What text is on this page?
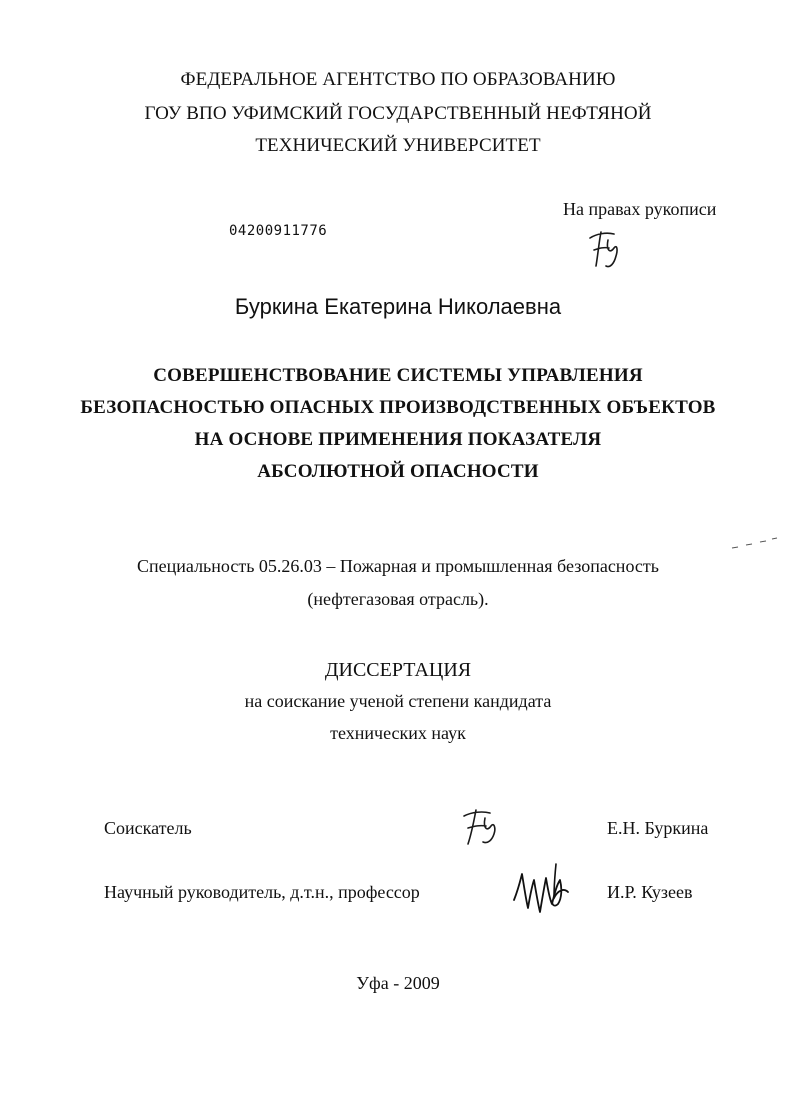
ФЕДЕРАЛЬНОЕ АГЕНТСТВО ПО ОБРАЗОВАНИЮ
ГОУ ВПО УФИМСКИЙ ГОСУДАРСТВЕННЫЙ НЕФТЯНОЙ
ТЕХНИЧЕСКИЙ УНИВЕРСИТЕТ
На правах рукописи
04200911776
Буркина Екатерина Николаевна
СОВЕРШЕНСТВОВАНИЕ СИСТЕМЫ УПРАВЛЕНИЯ
БЕЗОПАСНОСТЬЮ ОПАСНЫХ ПРОИЗВОДСТВЕННЫХ ОБЪЕКТОВ
НА ОСНОВЕ ПРИМЕНЕНИЯ ПОКАЗАТЕЛЯ
АБСОЛЮТНОЙ ОПАСНОСТИ
Специальность 05.26.03 – Пожарная и промышленная безопасность
(нефтегазовая отрасль).
ДИССЕРТАЦИЯ
на соискание ученой степени кандидата
технических наук
Соискатель	Е.Н. Буркина
Научный руководитель, д.т.н., профессор	И.Р. Кузеев
Уфа - 2009
